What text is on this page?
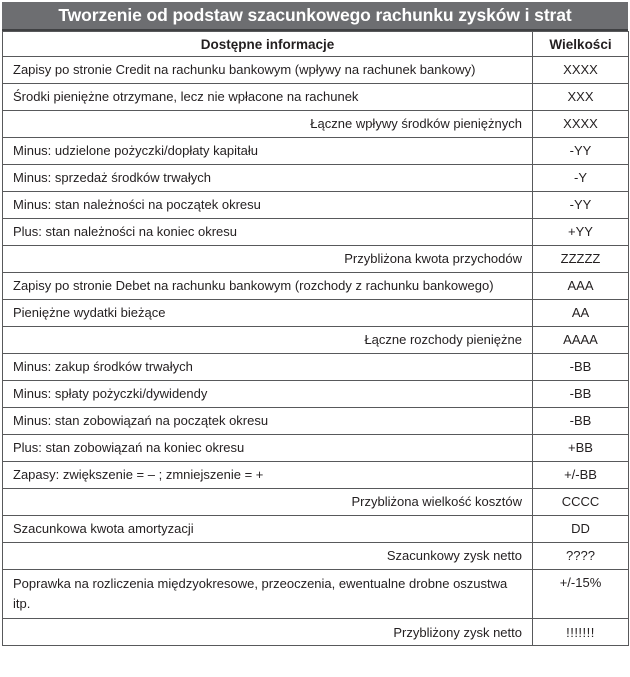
Tworzenie od podstaw szacunkowego rachunku zysków i strat
Dostępne informacje	Wielkości
Zapisy po stronie Credit na rachunku bankowym (wpływy na rachunek bankowy)	XXXX
Środki pieniężne otrzymane, lecz nie wpłacone na rachunek	XXX
Łączne wpływy środków pieniężnych	XXXX
Minus: udzielone pożyczki/dopłaty kapitału	-YY
Minus: sprzedaż środków trwałych	-Y
Minus: stan należności na początek okresu	-YY
Plus: stan należności na koniec okresu	+YY
Przybliżona kwota przychodów	ZZZZZ
Zapisy po stronie Debet na rachunku bankowym (rozchody z rachunku bankowego)	AAA
Pieniężne wydatki bieżące	AA
Łączne rozchody pieniężne	AAAA
Minus: zakup środków trwałych	-BB
Minus: spłaty pożyczki/dywidendy	-BB
Minus: stan zobowiązań na początek okresu	-BB
Plus: stan zobowiązań na koniec okresu	+BB
Zapasy: zwiększenie = – ; zmniejszenie = +	+/-BB
Przybliżona wielkość kosztów	CCCC
Szacunkowa kwota amortyzacji	DD
Szacunkowy zysk netto	????
Poprawka na rozliczenia międzyokresowe, przeoczenia, ewentualne drobne oszustwa itp.	+/-15%
Przybliżony zysk netto	!!!!!!!
